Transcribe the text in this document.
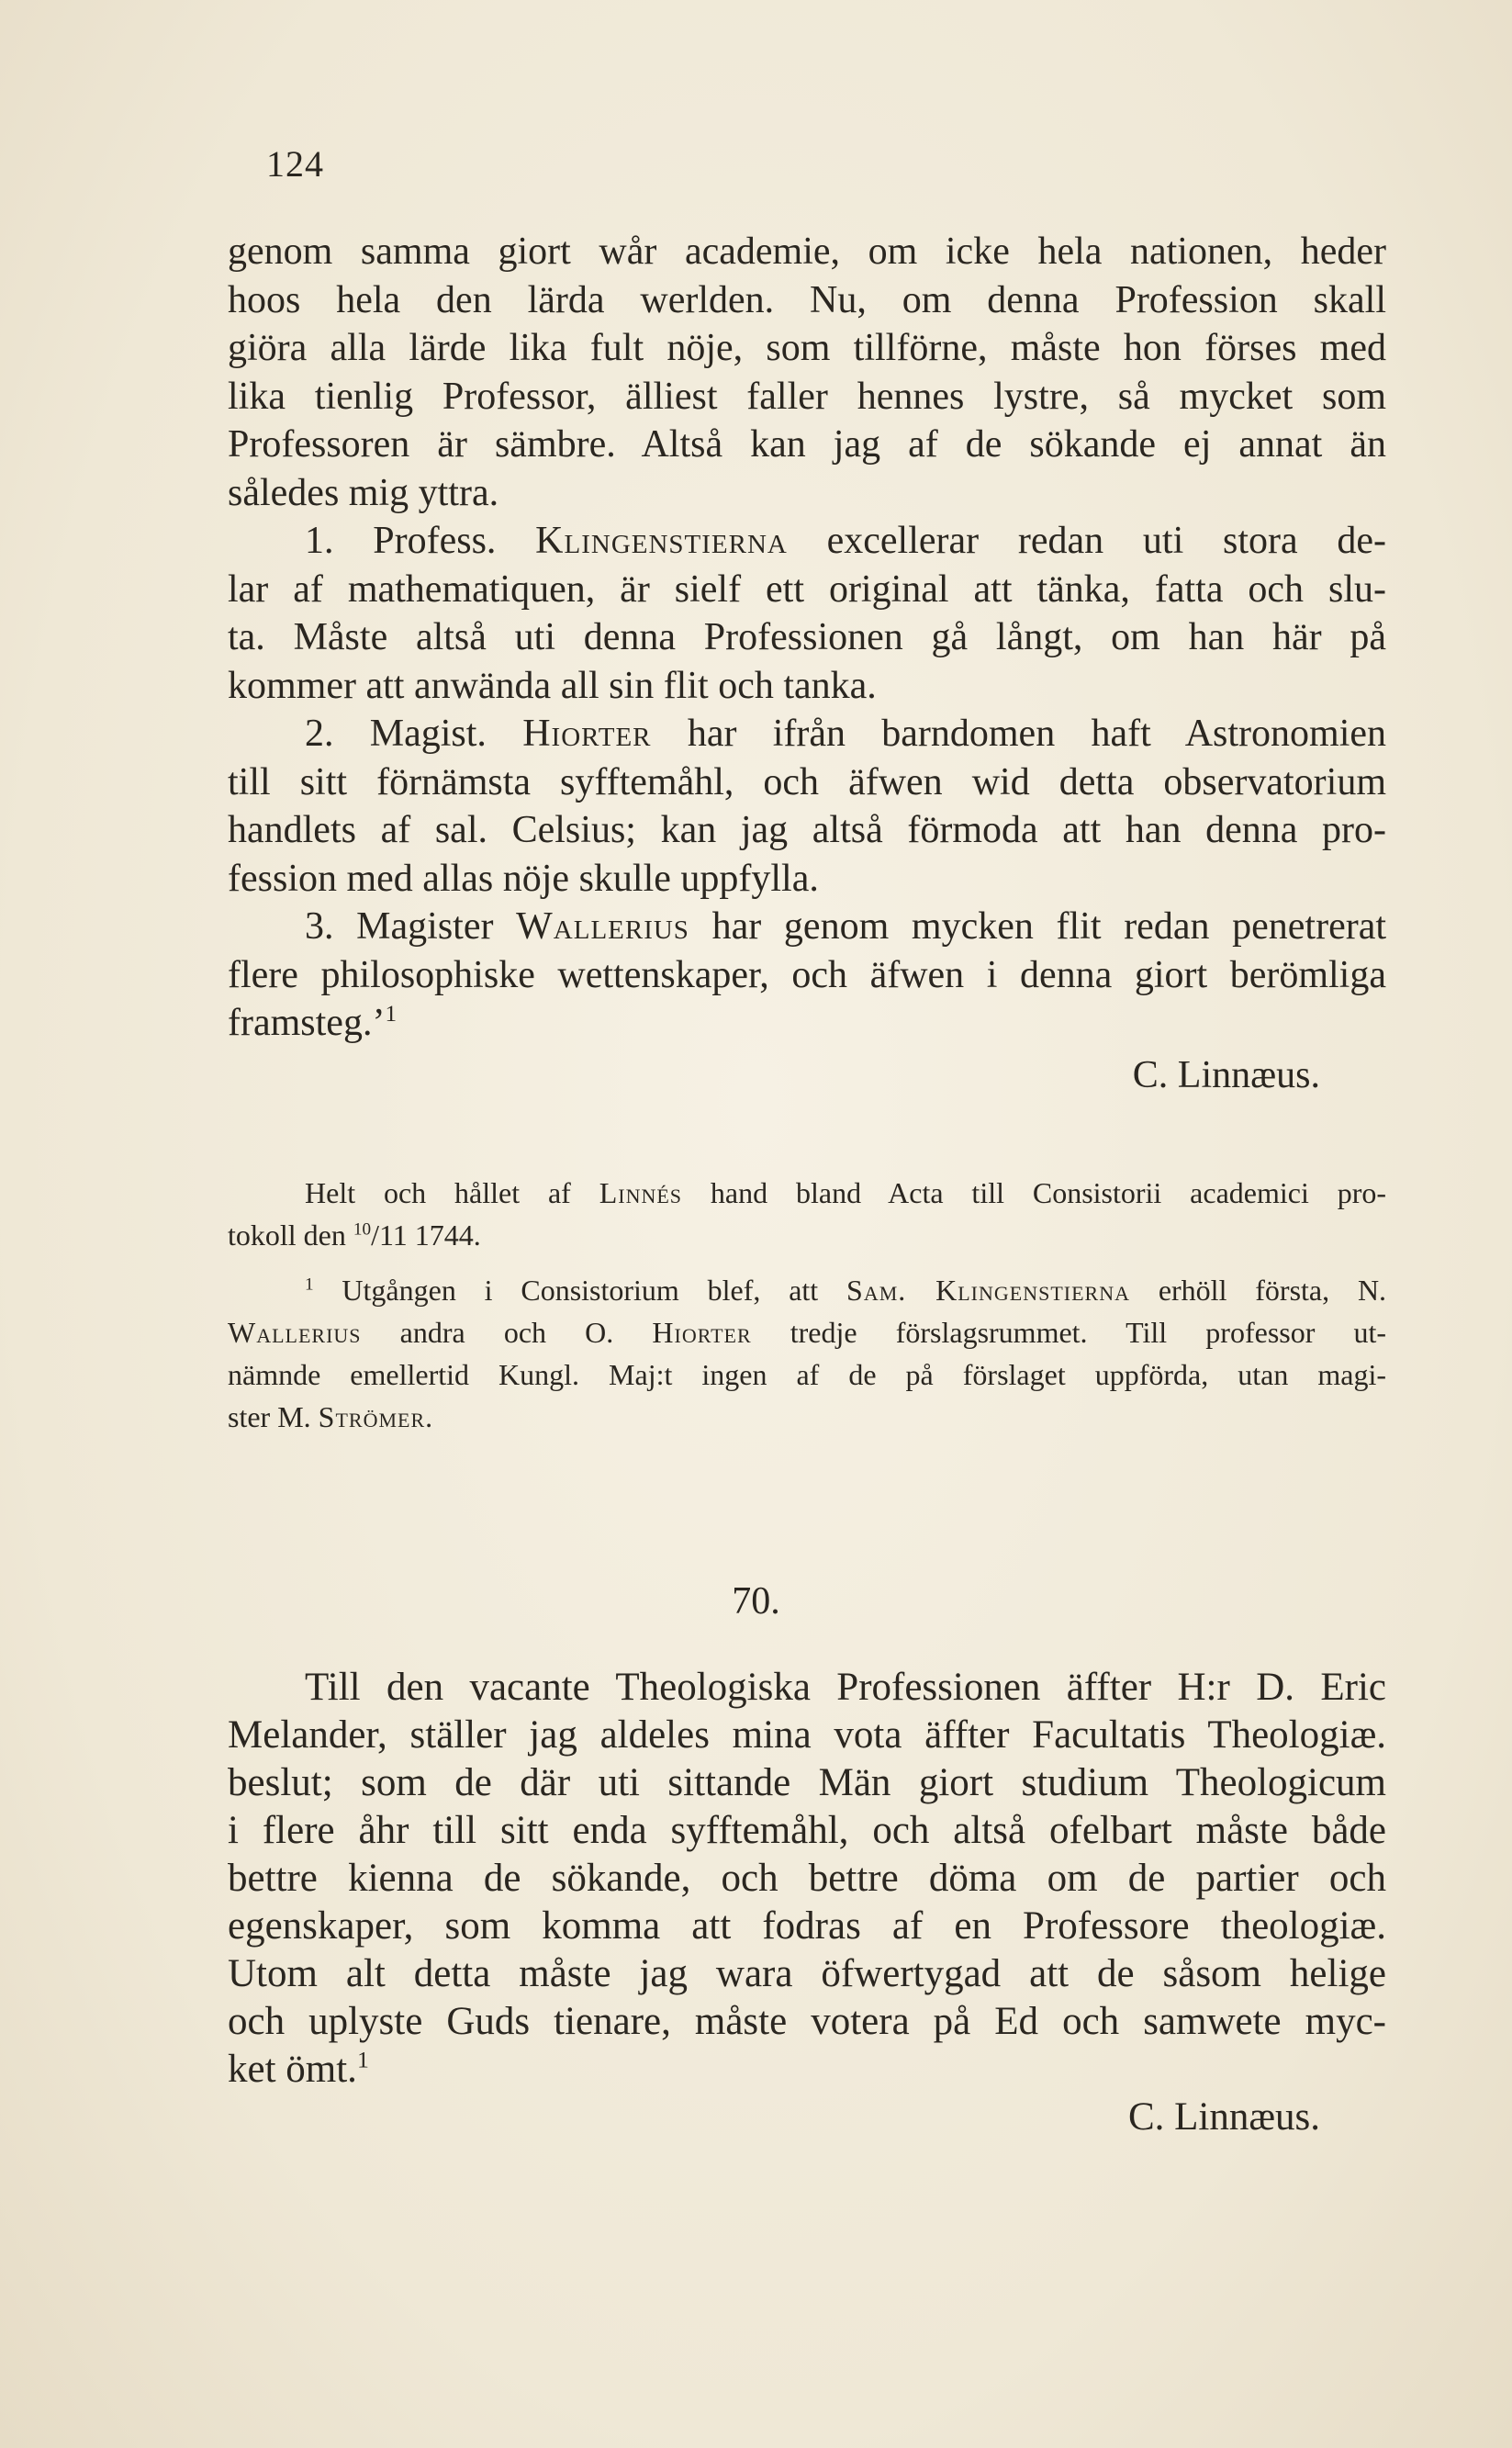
124
genom samma giort wår academie, om icke hela nationen, heder
hoos hela den lärda werlden. Nu, om denna Profession skall
giöra alla lärde lika fult nöje, som tillförne, måste hon förses med
lika tienlig Professor, älliest faller hennes lystre, så mycket som
Professoren är sämbre. Altså kan jag af de sökande ej annat än
således mig yttra.
1. Profess. Klingenstierna excellerar redan uti stora de-
lar af mathematiquen, är sielf ett original att tänka, fatta och slu-
ta. Måste altså uti denna Professionen gå långt, om han här på
kommer att anwända all sin flit och tanka.
2. Magist. Hiorter har ifrån barndomen haft Astronomien
till sitt förnämsta syfftemåhl, och äfwen wid detta observatorium
handlets af sal. Celsius; kan jag altså förmoda att han denna pro-
fession med allas nöje skulle uppfylla.
3. Magister Wallerius har genom mycken flit redan penetrerat
flere philosophiske wettenskaper, och äfwen i denna giort berömliga
framsteg.’$^1$
C. Linnæus.
Helt och hållet af Linnés hand bland Acta till Consistorii academici pro-
tokoll den $^{10}$/11 1744.
$^1$ Utgången i Consistorium blef, att Sam. Klingenstierna erhöll första, N.
Wallerius andra och O. Hiorter tredje förslagsrummet. Till professor ut-
nämnde emellertid Kungl. Maj:t ingen af de på förslaget uppförda, utan magi-
ster M. Strömer.
70.
Till den vacante Theologiska Professionen äffter H:r D. Eric
Melander, ställer jag aldeles mina vota äffter Facultatis Theologiæ.
beslut; som de där uti sittande Män giort studium Theologicum
i flere åhr till sitt enda syfftemåhl, och altså ofelbart måste både
bettre kienna de sökande, och bettre döma om de partier och
egenskaper, som komma att fodras af en Professore theologiæ.
Utom alt detta måste jag wara öfwertygad att de såsom helige
och uplyste Guds tienare, måste votera på Ed och samwete myc-
ket ömt.$^1$
C. Linnæus.
